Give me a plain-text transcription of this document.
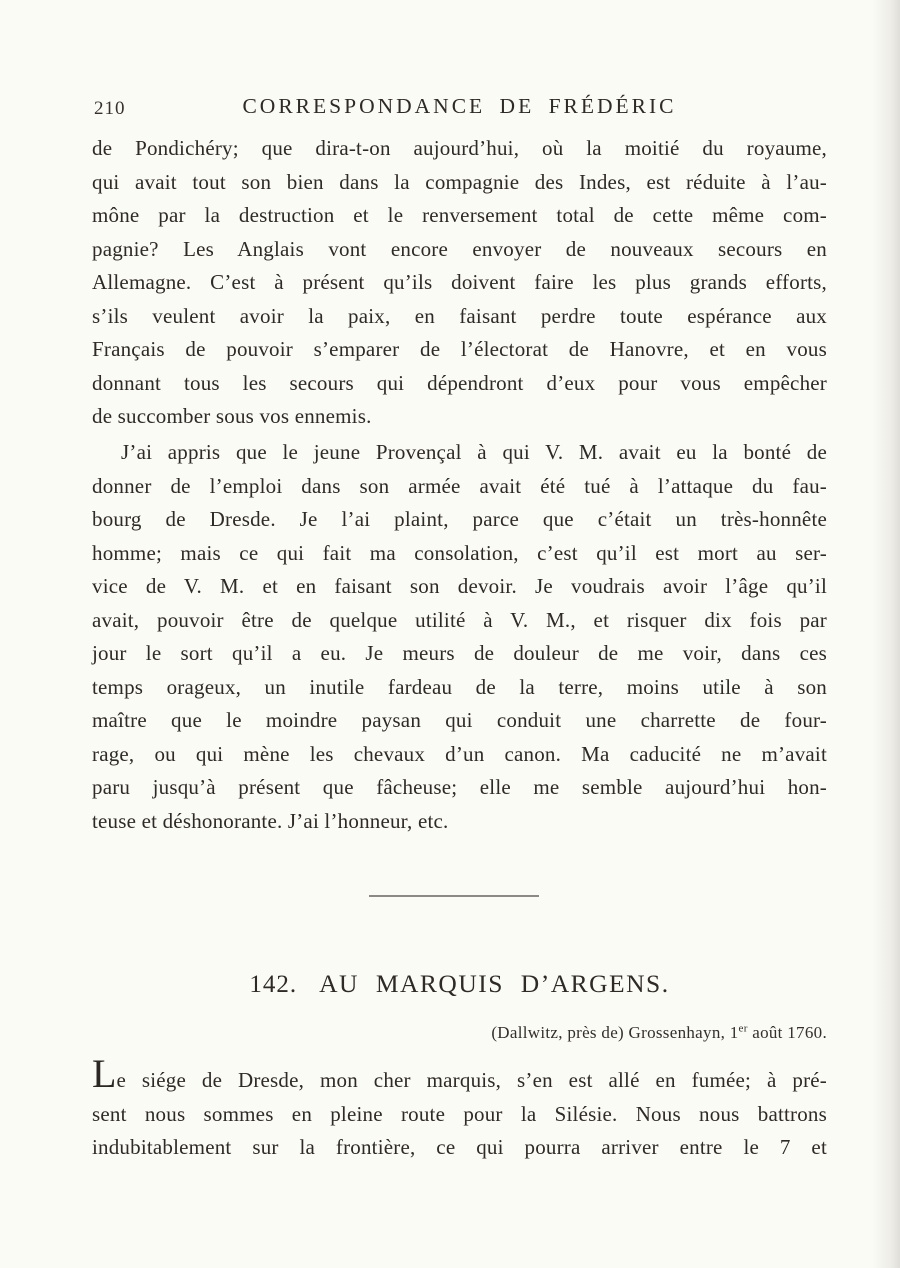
210	CORRESPONDANCE DE FRÉDÉRIC
de Pondichéry; que dira-t-on aujourd’hui, où la moitié du royaume,
qui avait tout son bien dans la compagnie des Indes, est réduite à l’au-
mône par la destruction et le renversement total de cette même com-
pagnie? Les Anglais vont encore envoyer de nouveaux secours en
Allemagne. C’est à présent qu’ils doivent faire les plus grands efforts,
s’ils veulent avoir la paix, en faisant perdre toute espérance aux
Français de pouvoir s’emparer de l’électorat de Hanovre, et en vous
donnant tous les secours qui dépendront d’eux pour vous empêcher
de succomber sous vos ennemis.
J’ai appris que le jeune Provençal à qui V. M. avait eu la bonté de
donner de l’emploi dans son armée avait été tué à l’attaque du fau-
bourg de Dresde. Je l’ai plaint, parce que c’était un très-honnête
homme; mais ce qui fait ma consolation, c’est qu’il est mort au ser-
vice de V. M. et en faisant son devoir. Je voudrais avoir l’âge qu’il
avait, pouvoir être de quelque utilité à V. M., et risquer dix fois par
jour le sort qu’il a eu. Je meurs de douleur de me voir, dans ces
temps orageux, un inutile fardeau de la terre, moins utile à son
maître que le moindre paysan qui conduit une charrette de four-
rage, ou qui mène les chevaux d’un canon. Ma caducité ne m’avait
paru jusqu’à présent que fâcheuse; elle me semble aujourd’hui hon-
teuse et déshonorante. J’ai l’honneur, etc.
142. AU MARQUIS D’ARGENS.
(Dallwitz, près de) Grossenhayn, 1er août 1760.
Le siége de Dresde, mon cher marquis, s’en est allé en fumée; à pré-
sent nous sommes en pleine route pour la Silésie. Nous nous battrons
indubitablement sur la frontière, ce qui pourra arriver entre le 7 et
